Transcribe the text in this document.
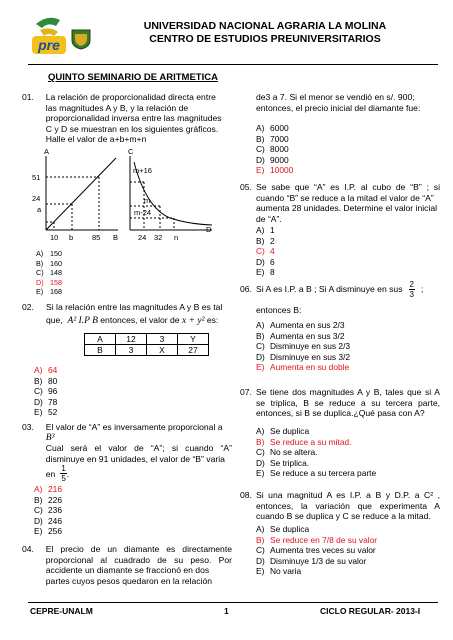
pre
UNIVERSIDAD NACIONAL AGRARIA LA MOLINA
CENTRO DE ESTUDIOS PREUNIVERSITARIOS
QUINTO SEMINARIO DE ARITMETICA
01.	La relación de proporcionalidad directa entre
las magnitudes A y B, y la relación de
proporcionalidad inversa entre las magnitudes
C y D se muestran en los siguientes gráficos.
Halle el valor de a+b+m+n
A
51
24
a
10 b	85 B
C
m+16
m
m-24
24 32 n
D
A) 150
B) 160
C) 148
D) 158
E) 168
02.	Si la relación entre las magnitudes A y B es tal
que, A² I.P B entonces, el valor de x + y² es:
A	12	3	Y
B	3	X	27
A) 64
B) 80
C) 96
D) 78
E) 52
03.	El valor de “A” es inversamente proporcional a
B³
Cual será el valor de “A”; si cuando “A”
disminuye en 91 unidades, el valor de “B” varia
en $\frac{1}{5}$ .
A) 216
B) 226
C) 236
D) 246
E) 256
04.	El precio de un diamante es directamente
proporcional al cuadrado de su peso. Por
accidente un diamante se fraccionó en dos
partes cuyos pesos quedaron en la relación
de3 a 7. Si el menor se vendió en s/. 900;
entonces, el precio inicial del diamante fue:
A) 6000
B) 7000
C) 8000
D) 9000
E) 10000
05. Se sabe que “A” es I.P. al cubo de “B” ; si
cuando “B” se reduce a la mitad el valor de “A”
aumenta 28 unidades. Determine el valor inicial
de “A”.
A) 1
B) 2
C) 4
D) 6
E) 8
06. Si A es I.P. a B ; Si A disminuye en sus $\frac{2}{3}$ ;
entonces B:
A) Aumenta en sus 2/3
B) Aumenta en sus 3/2
C) Disminuye en sus 2/3
D) Disminuye en sus 3/2
E) Aumenta en su doble
07. Se tiene dos magnitudes A y B, tales que si A
se triplica, B se reduce a su tercera parte,
entonces, si B se duplica.¿Qué pasa con A?
A) Se duplica
B) Se reduce a su mitad.
C) No se altera.
D) Se triplica.
E) Se reduce a su tercera parte
08. Si una magnitud A es I.P. a B y D.P. a C² ,
entonces, la variación que experimenta A
cuando B se duplica y C se reduce a la mitad.
A) Se duplica
B) Se reduce en 7/8 de su valor
C) Aumenta tres veces su valor
D) Disminuye 1/3 de su valor
E) No varia
CEPRE-UNALM	1	CICLO REGULAR- 2013-I
